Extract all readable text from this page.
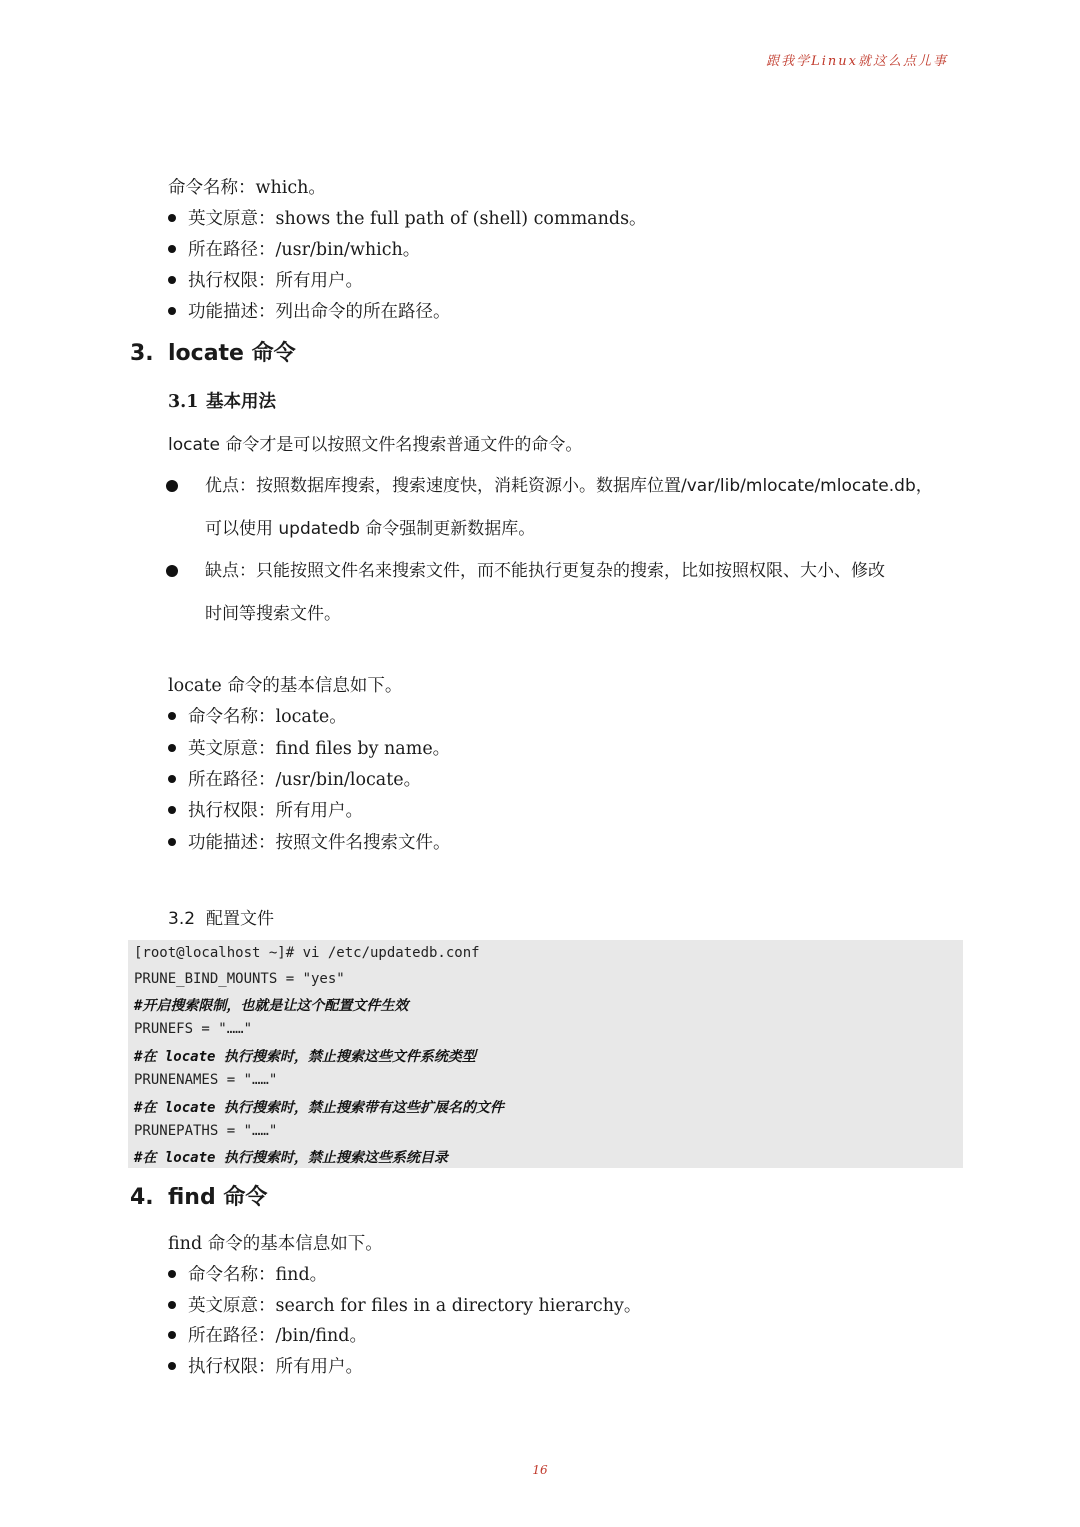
跟我学Linux就这么点儿事
命令名称：which。
英文原意：shows the full path of (shell) commands。
所在路径：/usr/bin/which。
执行权限：所有用户。
功能描述：列出命令的所在路径。
3. locate 命令
3.1 基本用法
locate 命令才是可以按照文件名搜索普通文件的命令。
优点：按照数据库搜索，搜索速度快，消耗资源小。数据库位置/var/lib/mlocate/mlocate.db，
可以使用 updatedb 命令强制更新数据库。
缺点：只能按照文件名来搜索文件，而不能执行更复杂的搜索，比如按照权限、大小、修改
时间等搜索文件。
locate 命令的基本信息如下。
命令名称：locate。
英文原意：find files by name。
所在路径：/usr/bin/locate。
执行权限：所有用户。
功能描述：按照文件名搜索文件。
3.2 配置文件
[root@localhost ~]# vi /etc/updatedb.conf
PRUNE_BIND_MOUNTS = "yes"
#开启搜索限制，也就是让这个配置文件生效
PRUNEFS = "……"
#在 locate 执行搜索时，禁止搜索这些文件系统类型
PRUNENAMES = "……"
#在 locate 执行搜索时，禁止搜索带有这些扩展名的文件
PRUNEPATHS = "……"
#在 locate 执行搜索时，禁止搜索这些系统目录
4. find 命令
find 命令的基本信息如下。
命令名称：find。
英文原意：search for files in a directory hierarchy。
所在路径：/bin/find。
执行权限：所有用户。
16
